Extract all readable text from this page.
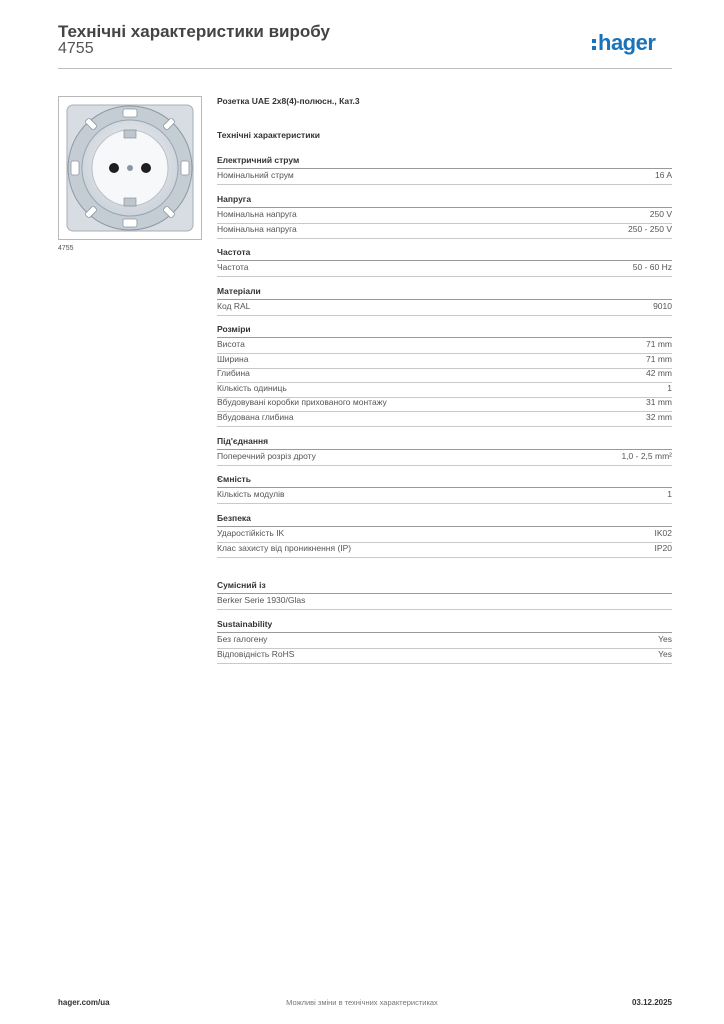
Технічні характеристики виробу
4755	hager
4755
Розетка UAE 2х8(4)-полюсн., Кат.3
Технічні характеристики
Електричний струм
Номінальний струм	16 A
Напруга
Номінальна напруга	250 V
Номінальна напруга	250 - 250 V
Частота
Частота	50 - 60 Hz
Матеріали
Код RAL	9010
Розміри
Висота	71 mm
Ширина	71 mm
Глибина	42 mm
Кількість одиниць	1
Вбудовувані коробки прихованого монтажу	31 mm
Вбудована глибина	32 mm
Під'єднання
Поперечний розріз дроту	1,0 - 2,5 mm²
Ємність
Кількість модулів	1
Безпека
Ударостійкість IK	IK02
Клас захисту від проникнення (IP)	IP20
Сумісний із
Berker Serie 1930/Glas
Sustainability
Без галогену	Yes
Відповідність RoHS	Yes
hager.com/ua	Можливі зміни в технічних характеристиках	03.12.2025
